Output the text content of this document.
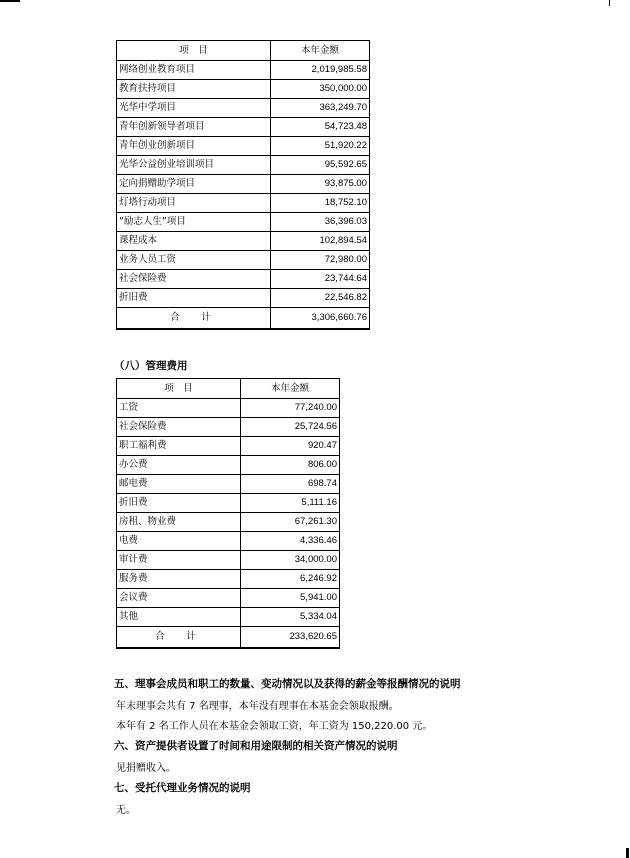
项　目	本年金额
网络创业教育项目	2,019,985.58
教育扶持项目	350,000.00
光华中学项目	363,249.70
青年创新领导者项目	54,723.48
青年创业创新项目	51,920.22
光华公益创业培训项目	95,592.65
定向捐赠助学项目	93,875.00
灯塔行动项目	18,752.10
“励志人生”项目	36,396.03
课程成本	102,894.54
业务人员工资	72,980.00
社会保险费	23,744.64
折旧费	22,546.82
合　计	3,306,660.76
（八）管理费用
项　目	本年金额
工资	77,240.00
社会保险费	25,724.56
职工福利费	920.47
办公费	806.00
邮电费	698.74
折旧费	5,111.16
房租、物业费	67,261.30
电费	4,336.46
审计费	34,000.00
服务费	6,246.92
会议费	5,941.00
其他	5,334.04
合　计	233,620.65
五、理事会成员和职工的数量、变动情况以及获得的薪金等报酬情况的说明
年末理事会共有 7 名理事，本年没有理事在本基金会领取报酬。
本年有 2 名工作人员在本基金会领取工资，年工资为 150,220.00 元。
六、资产提供者设置了时间和用途限制的相关资产情况的说明
见捐赠收入。
七、受托代理业务情况的说明
无。
